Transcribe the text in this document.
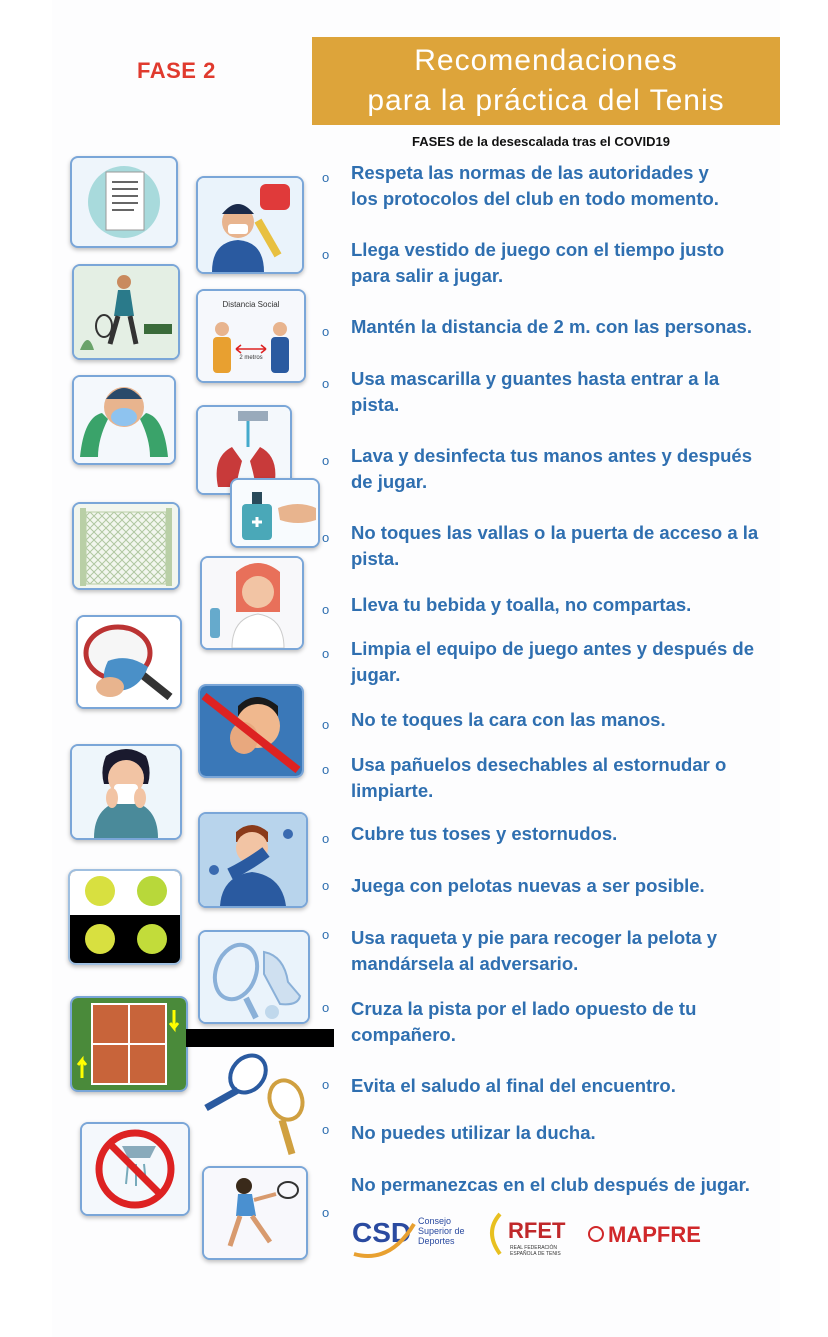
FASE 2	Recomendaciones
para la práctica del Tenis
FASES de la desescalada tras el COVID19
o Respeta las normas de las autoridades y
los protocolos del club en todo momento.
o Llega vestido de juego con el tiempo justo
para salir a jugar.
o Mantén la distancia de 2 m. con las personas.
o Usa mascarilla y guantes hasta entrar a la
pista.
o Lava y desinfecta tus manos antes y después
de jugar.
o No toques las vallas o la puerta de acceso a la
pista.
o Lleva tu bebida y toalla, no compartas.
o Limpia el equipo de juego antes y después de
jugar.
o No te toques la cara con las manos.
o Usa pañuelos desechables al estornudar o
limpiarte.
o Cubre tus toses y estornudos.
o Juega con pelotas nuevas a ser posible.
o Usa raqueta y pie para recoger la pelota y
mandársela al adversario.
o Cruza la pista por el lado opuesto de tu
compañero.
o Evita el saludo al final del encuentro.
o No puedes utilizar la ducha.
o
No permanezcas en el club después de jugar.
Distancia Social
2 metros
CSD Consejo
Superior de
Deportes RFET
REAL FEDERACIÓN
ESPAÑOLA DE TENIS
MAPFRE
